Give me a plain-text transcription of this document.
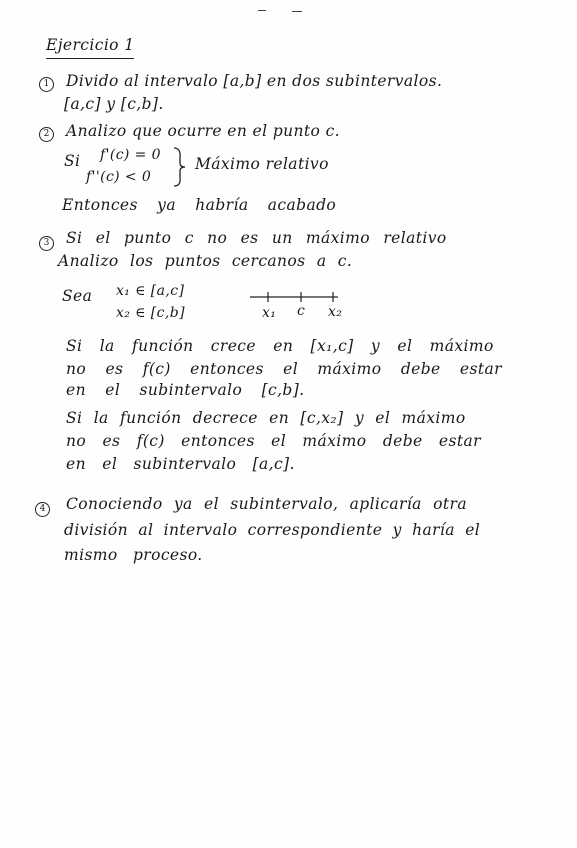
Ejercicio 1
1 Divido al intervalo [a,b] en dos subintervalos.
[a,c] y [c,b].
2 Analizo que ocurre en el punto c.
Si f'(c) = 0
f''(c) < 0
Máximo relativo
Entonces ya habría acabado
3 Si el punto c no es un máximo relativo
Analizo los puntos cercanos a c.
Sea x₁ ∈ [a,c]
x₂ ∈ [c,b]	x₁ c x₂
Si la función crece en [x₁,c] y el máximo
no es f(c) entonces el máximo debe estar
en el subintervalo [c,b].
Si la función decrece en [c,x₂] y el máximo
no es f(c) entonces el máximo debe estar
en el subintervalo [a,c].
4 Conociendo ya el subintervalo, aplicaría otra
división al intervalo correspondiente y haría el
mismo proceso.
